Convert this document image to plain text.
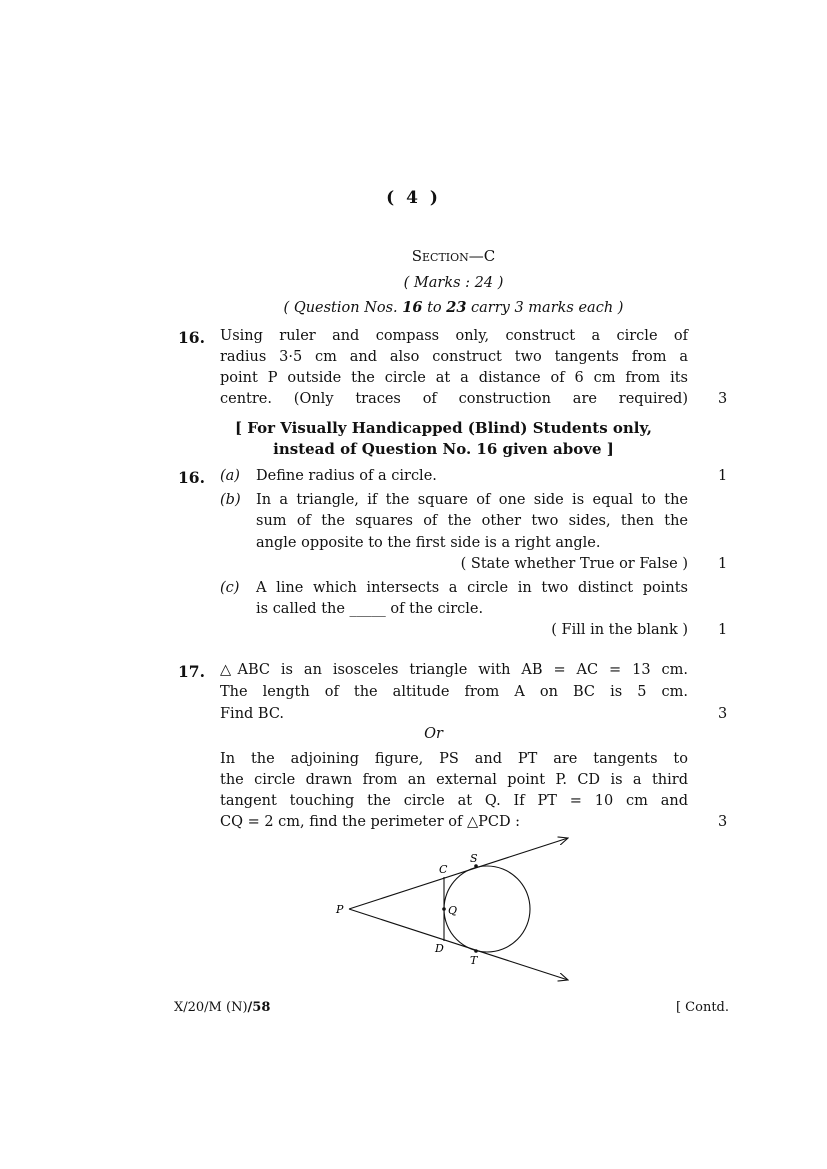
( 4 )
Section—C
( Marks : 24 )
( Question Nos. 16 to 23 carry 3 marks each )
16. Using ruler and compass only, construct a circle of
radius 3·5 cm and also construct two tangents from a
point P outside the circle at a distance of 6 cm from its
centre. (Only traces of construction are required) 3
[ For Visually Handicapped (Blind) Students only,
instead of Question No. 16 given above ]
16. (a) Define radius of a circle.	1
(b) In a triangle, if the square of one side is equal to the
sum of the squares of the other two sides, then the
angle opposite to the first side is a right angle.
( State whether True or False ) 1
(c) A line which intersects a circle in two distinct points
is called the _____ of the circle.
( Fill in the blank ) 1
17. △ABC is an isosceles triangle with AB = AC = 13 cm.
The length of the altitude from A on BC is 5 cm.
Find BC.	3
Or
In the adjoining figure, PS and PT are tangents to
the circle drawn from an external point P. CD is a third
tangent touching the circle at Q. If PT = 10 cm and
CQ = 2 cm, find the perimeter of △PCD :	3
P
S
C
Q
D
T
X/20/M (N)/58	[ Contd.
